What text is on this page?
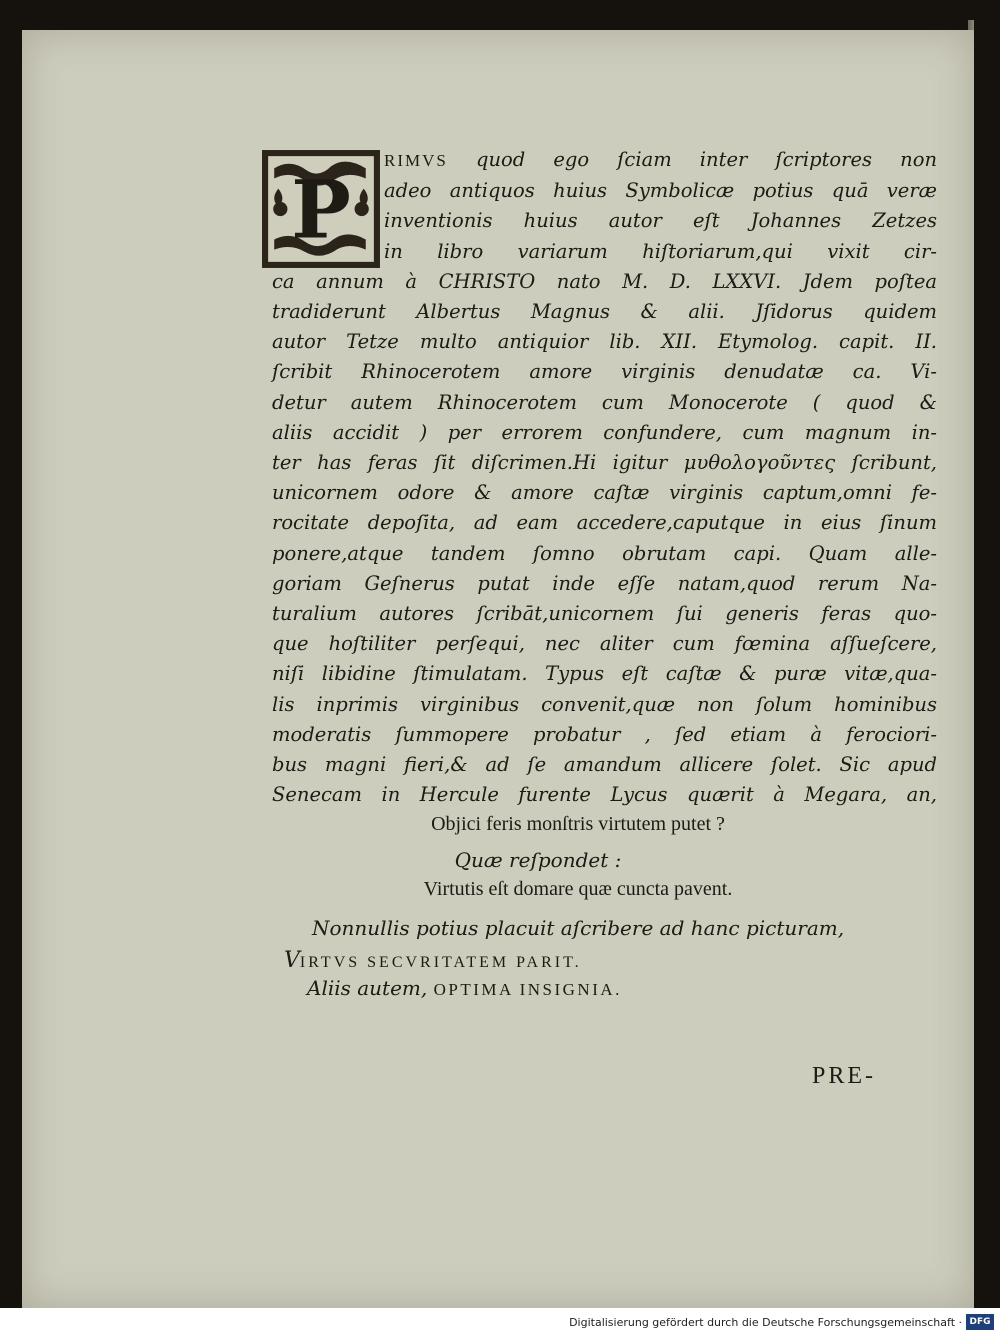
P
RIMVS quod ego ſciam inter ſcriptores non
adeo antiquos huius Symbolicæ potius quā veræ
inventionis huius autor eſt Johannes Zetzes
in libro variarum hiſtoriarum,qui vixit cir-
ca annum à CHRISTO nato M. D. LXXVI. Jdem poſtea
tradiderunt Albertus Magnus & alii. Jſidorus quidem
autor Tetze multo antiquior lib. XII. Etymolog. capit. II.
ſcribit Rhinocerotem amore virginis denudatæ ca. Vi-
detur autem Rhinocerotem cum Monocerote ( quod &
aliis accidit ) per errorem confundere, cum magnum in-
ter has feras ſit diſcrimen.Hi igitur μυθολογοῦντες ſcribunt,
unicornem odore & amore caſtæ virginis captum,omni fe-
rocitate depoſita, ad eam accedere,caputque in eius ſinum
ponere,atque tandem ſomno obrutam capi. Quam alle-
goriam Geſnerus putat inde eſſe natam,quod rerum Na-
turalium autores ſcribāt,unicornem ſui generis feras quo-
que hoſtiliter perſequi, nec aliter cum fœmina aſſueſcere,
niſi libidine ſtimulatam. Typus eſt caſtæ & puræ vitæ,qua-
lis inprimis virginibus convenit,quæ non ſolum hominibus
moderatis ſummopere probatur , ſed etiam à ferociori-
bus magni fieri,& ad ſe amandum allicere ſolet. Sic apud
Senecam in Hercule furente Lycus quærit à Megara, an,
Objici feris monſtris virtutem putet ?
Quæ reſpondet :
Virtutis eſt domare quæ cuncta pavent.
Nonnullis potius placuit aſcribere ad hanc picturam,
VIRTVS SECVRITATEM PARIT.
Aliis autem, OPTIMA INSIGNIA.
PRE-
Digitalisierung gefördert durch die Deutsche Forschungsgemeinschaft · DFG
